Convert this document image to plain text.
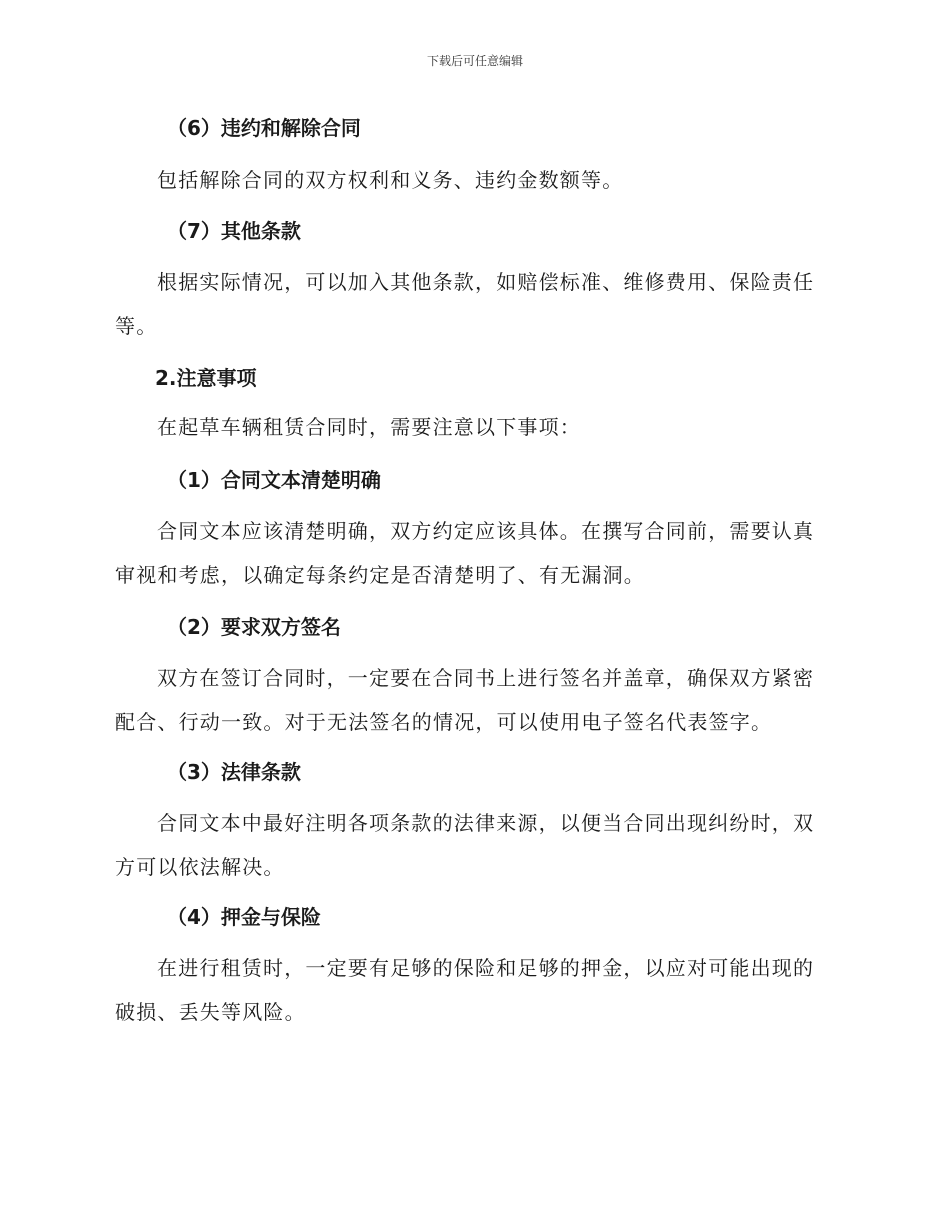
下载后可任意编辑
（6）违约和解除合同

包括解除合同的双方权利和义务、违约金数额等。

（7）其他条款

根据实际情况，可以加入其他条款，如赔偿标准、维修费用、保险责任等。

2.注意事项

在起草车辆租赁合同时，需要注意以下事项：

（1）合同文本清楚明确

合同文本应该清楚明确，双方约定应该具体。在撰写合同前，需要认真审视和考虑，以确定每条约定是否清楚明了、有无漏洞。

（2）要求双方签名

双方在签订合同时，一定要在合同书上进行签名并盖章，确保双方紧密配合、行动一致。对于无法签名的情况，可以使用电子签名代表签字。

（3）法律条款

合同文本中最好注明各项条款的法律来源，以便当合同出现纠纷时，双方可以依法解决。

（4）押金与保险

在进行租赁时，一定要有足够的保险和足够的押金，以应对可能出现的破损、丢失等风险。
